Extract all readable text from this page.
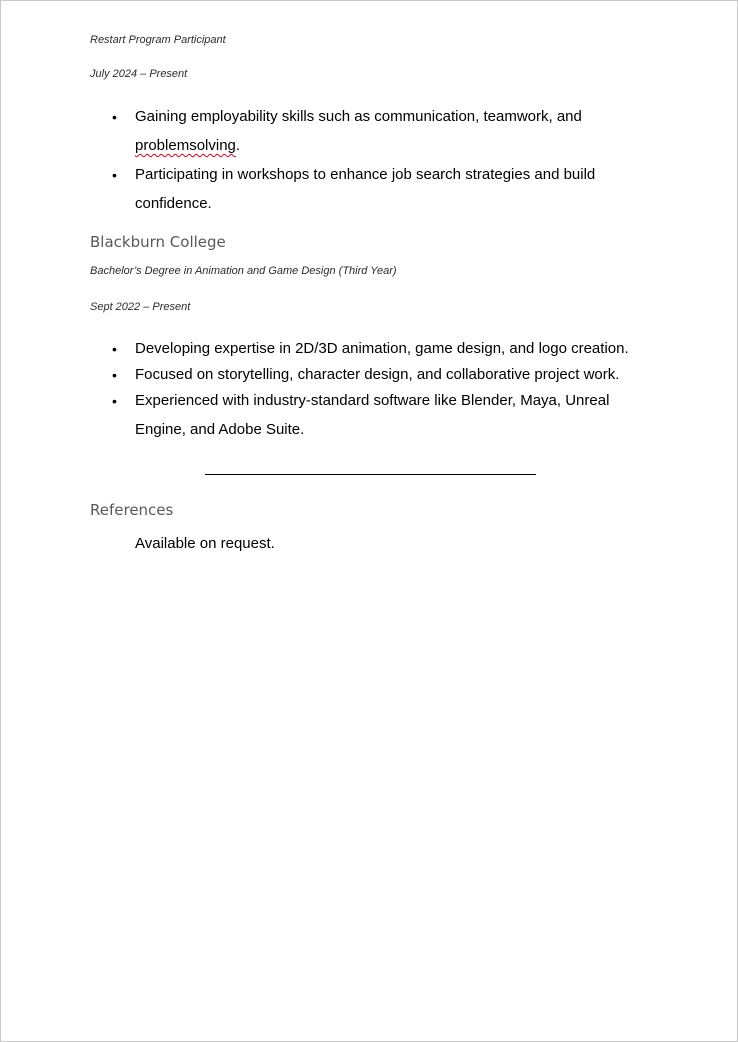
Restart Program Participant
July 2024 – Present
• Gaining employability skills such as communication, teamwork, and
problemsolving.
• Participating in workshops to enhance job search strategies and build
confidence.
Blackburn College
Bachelor’s Degree in Animation and Game Design (Third Year)
Sept 2022 – Present
• Developing expertise in 2D/3D animation, game design, and logo creation.
• Focused on storytelling, character design, and collaborative project work.
• Experienced with industry-standard software like Blender, Maya, Unreal
Engine, and Adobe Suite.
References
Available on request.
